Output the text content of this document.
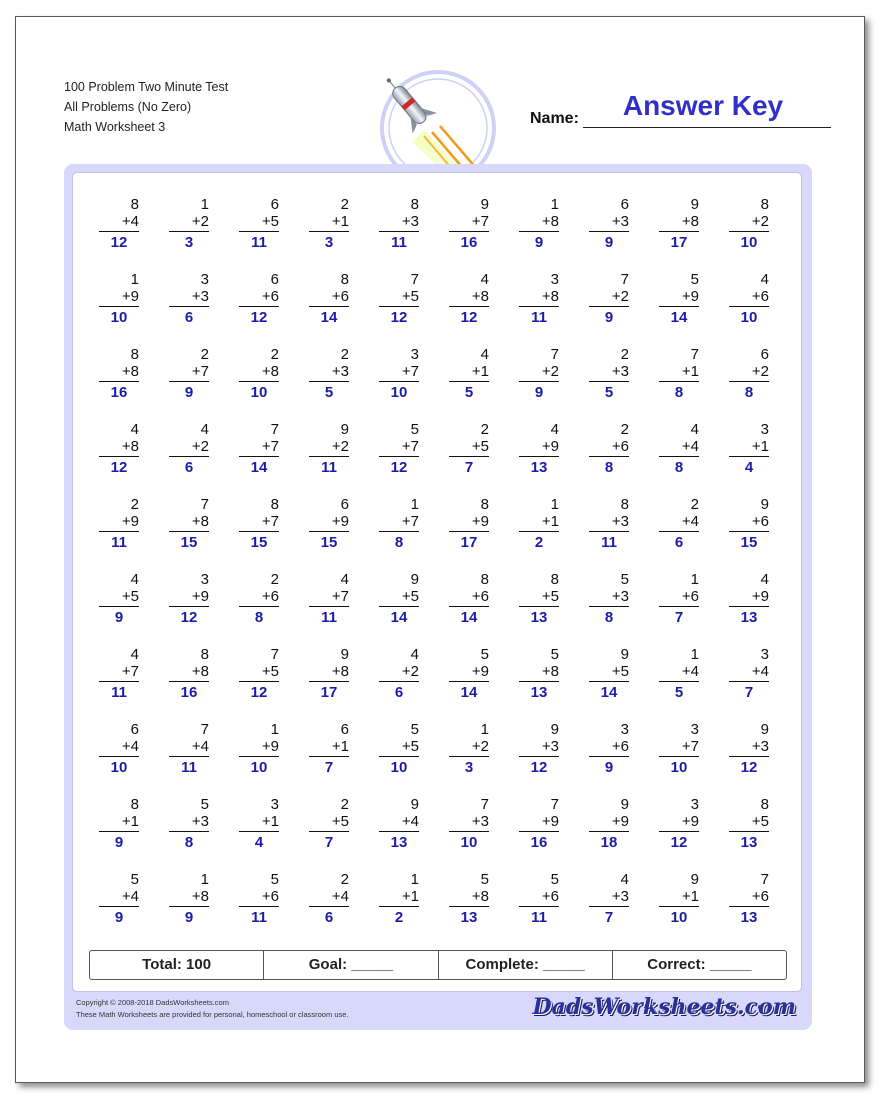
100 Problem Two Minute Test
All Problems (No Zero)
Math Worksheet 3	Name:	Answer Key
8
+4
12
1
+2
3
6
+5
11
2
+1
3
8
+3
11
9
+7
16
1
+8
9
6
+3
9
9
+8
17
8
+2
10
1
+9
10
3
+3
6
6
+6
12
8
+6
14
7
+5
12
4
+8
12
3
+8
11
7
+2
9
5
+9
14
4
+6
10
8
+8
16
2
+7
9
2
+8
10
2
+3
5
3
+7
10
4
+1
5
7
+2
9
2
+3
5
7
+1
8
6
+2
8
4
+8
12
4
+2
6
7
+7
14
9
+2
11
5
+7
12
2
+5
7
4
+9
13
2
+6
8
4
+4
8
3
+1
4
2
+9
11
7
+8
15
8
+7
15
6
+9
15
1
+7
8
8
+9
17
1
+1
2
8
+3
11
2
+4
6
9
+6
15
4
+5
9
3
+9
12
2
+6
8
4
+7
11
9
+5
14
8
+6
14
8
+5
13
5
+3
8
1
+6
7
4
+9
13
4
+7
11
8
+8
16
7
+5
12
9
+8
17
4
+2
6
5
+9
14
5
+8
13
9
+5
14
1
+4
5
3
+4
7
6
+4
10
7
+4
11
1
+9
10
6
+1
7
5
+5
10
1
+2
3
9
+3
12
3
+6
9
3
+7
10
9
+3
12
8
+1
9
5
+3
8
3
+1
4
2
+5
7
9
+4
13
7
+3
10
7
+9
16
9
+9
18
3
+9
12
8
+5
13
5
+4
9
1
+8
9
5
+6
11
2
+4
6
1
+1
2
5
+8
13
5
+6
11
4
+3
7
9
+1
10
7
+6
13
Total: 100	Goal: _____	Complete: _____	Correct: _____
Copyright © 2008-2018 DadsWorksheets.com
These Math Worksheets are provided for personal, homeschool or classroom use.	DadsWorksheets.com
